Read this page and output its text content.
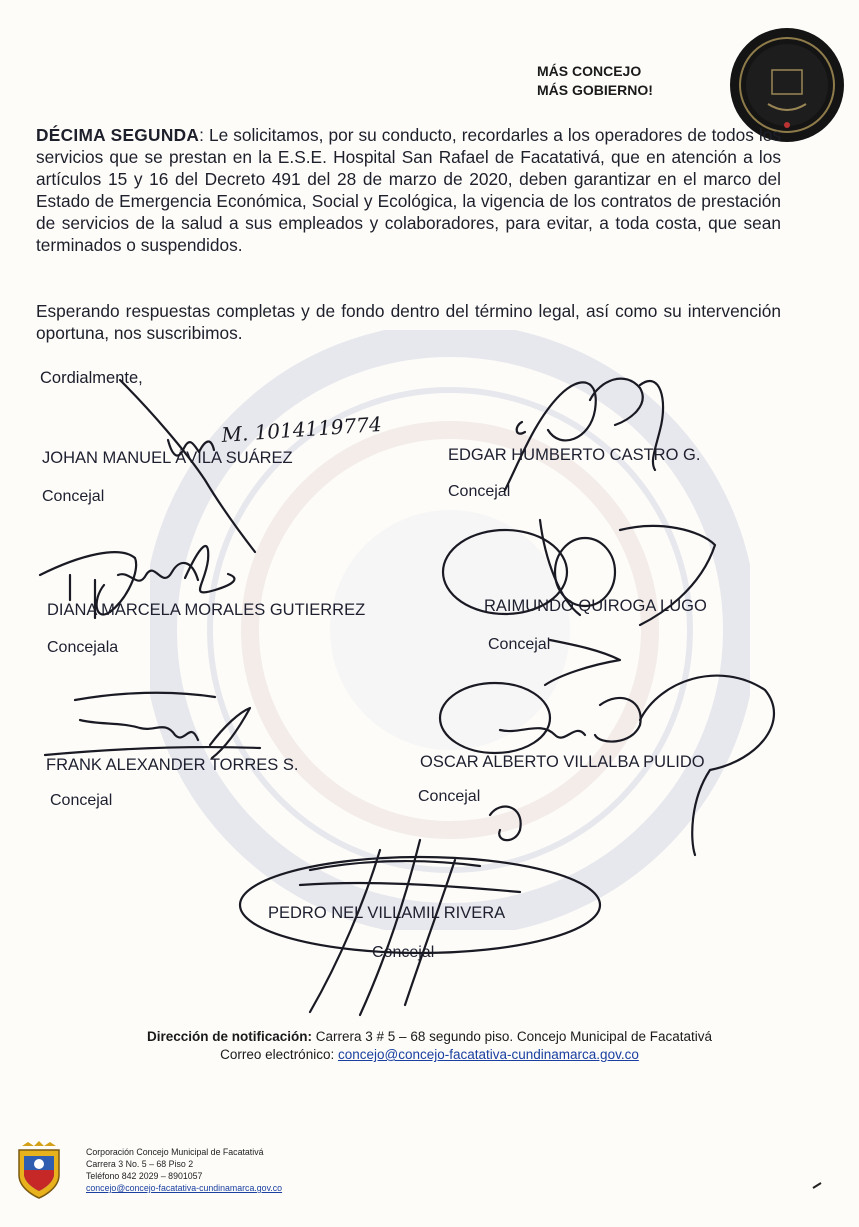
MÁS CONCEJO
MÁS GOBIERNO!
DÉCIMA SEGUNDA: Le solicitamos, por su conducto, recordarles a los operadores de todos los servicios que se prestan en la E.S.E. Hospital San Rafael de Facatativá, que en atención a los artículos 15 y 16 del Decreto 491 del 28 de marzo de 2020, deben garantizar en el marco del Estado de Emergencia Económica, Social y Ecológica, la vigencia de los contratos de prestación de servicios de la salud a sus empleados y colaboradores, para evitar, a toda costa, que sean terminados o suspendidos.
Esperando respuestas completas y de fondo dentro del término legal, así como su intervención oportuna, nos suscribimos.
Cordialmente,
JOHAN MANUEL ÁVILA SUÁREZ
Concejal
EDGAR HUMBERTO CASTRO G.
Concejal
DIANA MARCELA MORALES GUTIERREZ
Concejala
RAIMUNDO QUIROGA LUGO
Concejal
FRANK ALEXANDER TORRES S.
Concejal
OSCAR ALBERTO VILLALBA PULIDO
Concejal
PEDRO NEL VILLAMIL RIVERA
Concejal
M. 1014119774
Dirección de notificación: Carrera 3 # 5 – 68 segundo piso. Concejo Municipal de Facatativá
Correo electrónico: concejo@concejo-facatativa-cundinamarca.gov.co
Corporación Concejo Municipal de Facatativá
Carrera 3 No. 5 – 68 Piso 2
Teléfono 842 2029 – 8901057
concejo@concejo-facatativa-cundinamarca.gov.co
